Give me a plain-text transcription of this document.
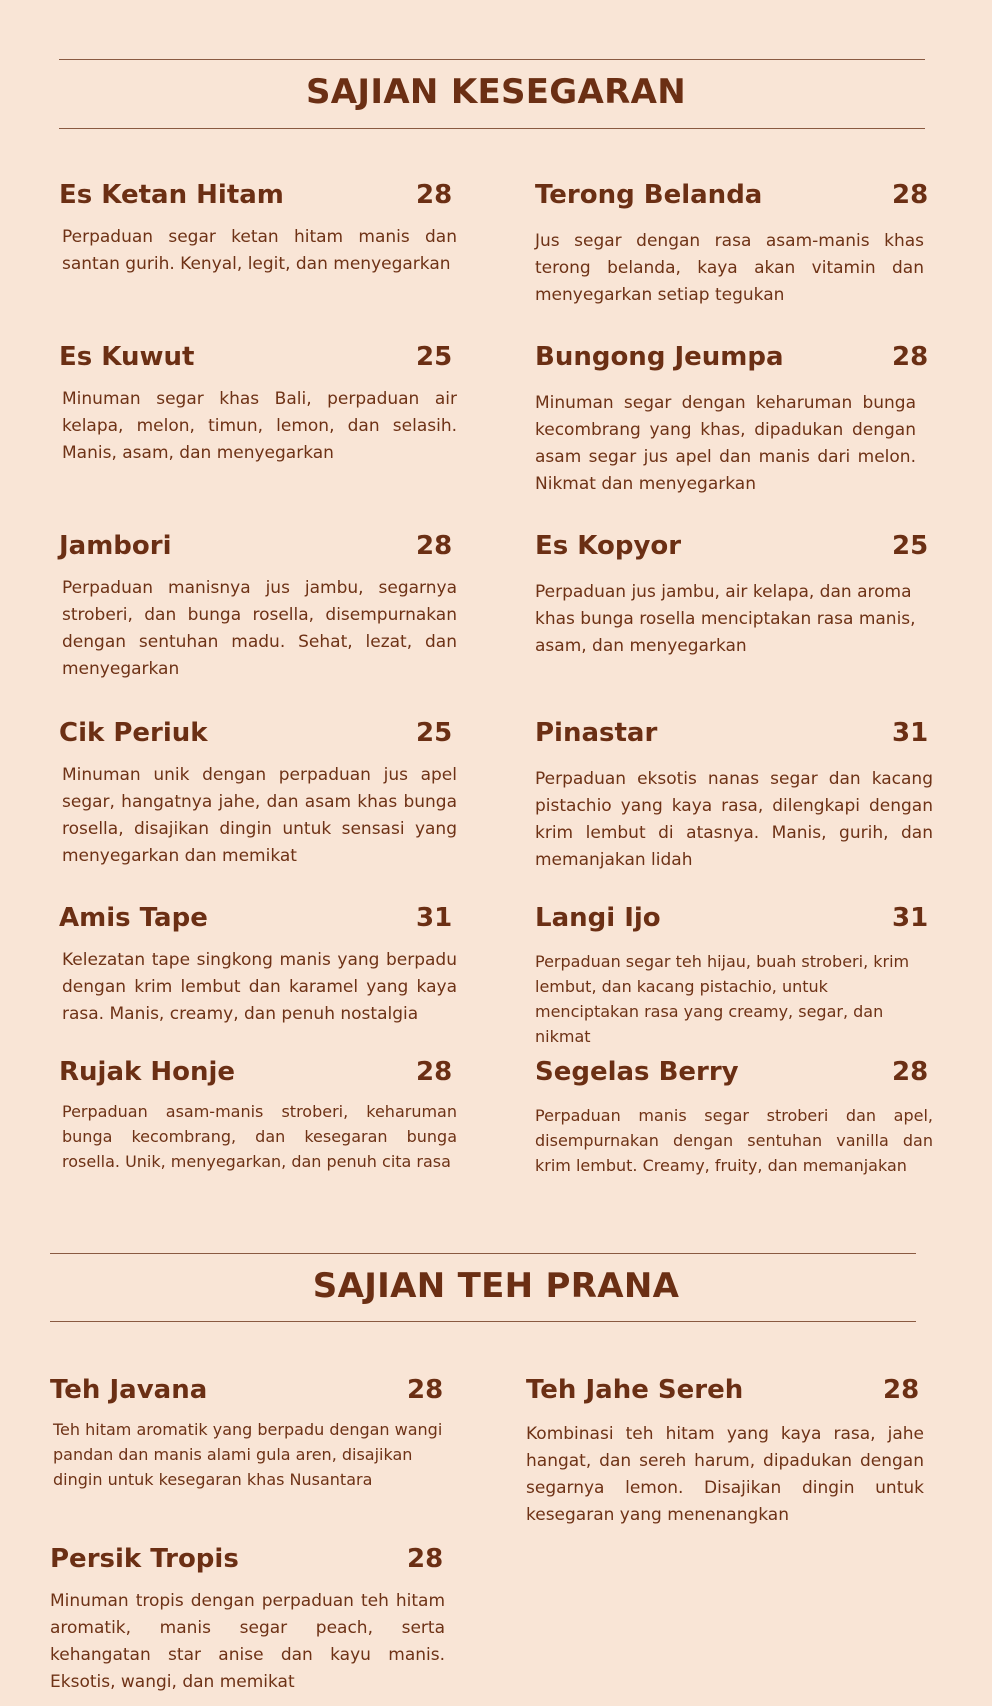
SAJIAN KESEGARAN
Es Ketan Hitam	28
Perpaduan segar ketan hitam manis dan santan gurih. Kenyal, legit, dan menyegarkan
Es Kuwut	25
Minuman segar khas Bali, perpaduan air kelapa, melon, timun, lemon, dan selasih. Manis, asam, dan menyegarkan
Jambori	28
Perpaduan manisnya jus jambu, segarnya stroberi, dan bunga rosella, disempurnakan dengan sentuhan madu. Sehat, lezat, dan menyegarkan
Cik Periuk	25
Minuman unik dengan perpaduan jus apel segar, hangatnya jahe, dan asam khas bunga rosella, disajikan dingin untuk sensasi yang menyegarkan dan memikat
Amis Tape	31
Kelezatan tape singkong manis yang berpadu dengan krim lembut dan karamel yang kaya rasa. Manis, creamy, dan penuh nostalgia
Rujak Honje	28
Perpaduan asam-manis stroberi, keharuman bunga kecombrang, dan kesegaran bunga rosella. Unik, menyegarkan, dan penuh cita rasa
Terong Belanda	28
Jus segar dengan rasa asam-manis khas terong belanda, kaya akan vitamin dan menyegarkan setiap tegukan
Bungong Jeumpa	28
Minuman segar dengan keharuman bunga kecombrang yang khas, dipadukan dengan asam segar jus apel dan manis dari melon. Nikmat dan menyegarkan
Es Kopyor	25
Perpaduan jus jambu, air kelapa, dan aroma khas bunga rosella menciptakan rasa manis, asam, dan menyegarkan
Pinastar	31
Perpaduan eksotis nanas segar dan kacang pistachio yang kaya rasa, dilengkapi dengan krim lembut di atasnya. Manis, gurih, dan memanjakan lidah
Langi Ijo	31
Perpaduan segar teh hijau, buah stroberi, krim lembut, dan kacang pistachio, untuk menciptakan rasa yang creamy, segar, dan nikmat
Segelas Berry	28
Perpaduan manis segar stroberi dan apel, disempurnakan dengan sentuhan vanilla dan krim lembut. Creamy, fruity, dan memanjakan
SAJIAN TEH PRANA
Teh Javana	28
Teh hitam aromatik yang berpadu dengan wangi pandan dan manis alami gula aren, disajikan dingin untuk kesegaran khas Nusantara
Persik Tropis	28
Minuman tropis dengan perpaduan teh hitam aromatik, manis segar peach, serta kehangatan star anise dan kayu manis. Eksotis, wangi, dan memikat
Teh Jahe Sereh	28
Kombinasi teh hitam yang kaya rasa, jahe hangat, dan sereh harum, dipadukan dengan segarnya lemon. Disajikan dingin untuk kesegaran yang menenangkan
